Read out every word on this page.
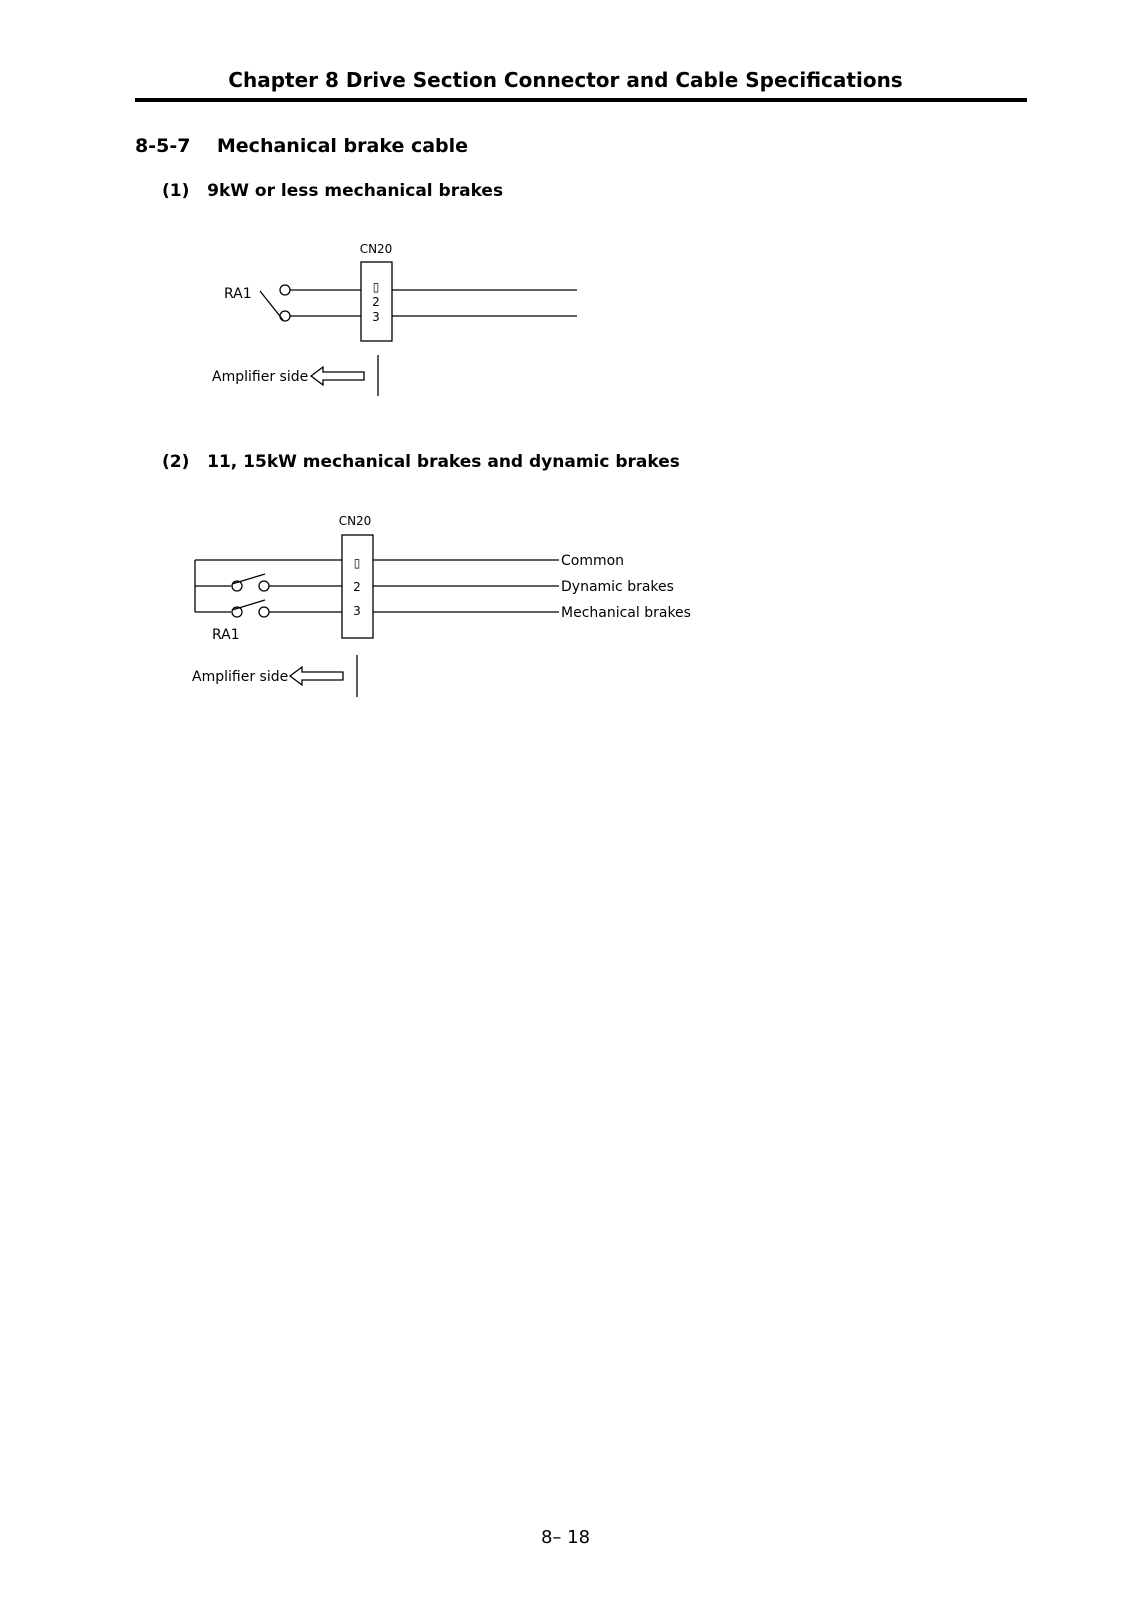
Chapter 8 Drive Section Connector and Cable Specifications
8-5-7    Mechanical brake cable
(1)   9kW or less mechanical brakes
CN20
▯
2
3
RA1
Amplifier side
(2)   11, 15kW mechanical brakes and dynamic brakes
CN20
▯
2
3
RA1
Common
Dynamic brakes
Mechanical brakes
Amplifier side
8– 18
